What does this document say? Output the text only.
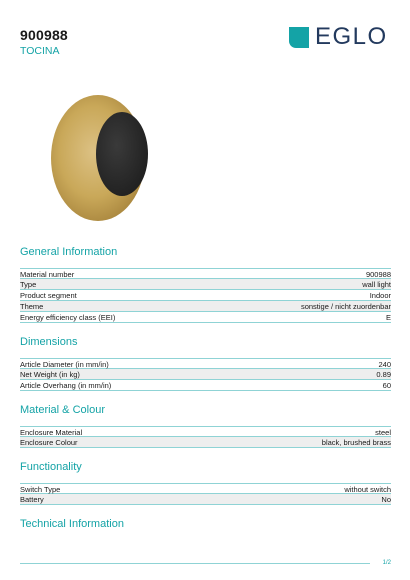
900988
TOCINA
EGLO
General Information
Material number	900988
Type	wall light
Product segment	Indoor
Theme	sonstige / nicht zuordenbar
Energy efficiency class (EEI)	E
Dimensions
Article Diameter (in mm/in)	240
Net Weight (in kg)	0.89
Article Overhang (in mm/in)	60
Material & Colour
Enclosure Material	steel
Enclosure Colour	black, brushed brass
Functionality
Switch Type	without switch
Battery	No
Technical Information
1/2
